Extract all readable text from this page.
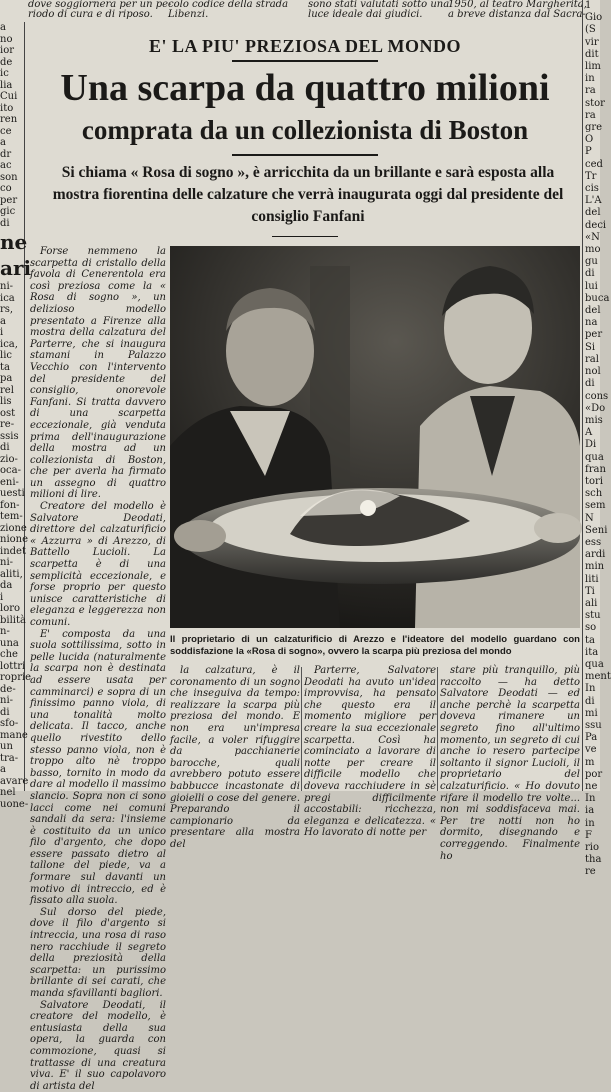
dove soggiornera per un pe-
riodo di cura e di riposo.
colo codice della strada
Libenzi.
sono stati valutati sotto una
luce ideale dai giudici.
1950, al teatro Margherita,
a breve distanza dal Sacra-
a
no
ior
de
ic
lia
Cui
ito
ren
ce
a
dr
ac
son
co
per
gic
di
ne
ari
ni-
ica
rs,
a
i
ica,
lic
ta
pa
rel
lis
ost
re-
ssis
di
zio-
oca-
eni-
uesti
fon-
tem-
zione
nione
indet
ni-
aliti,
da
i
loro
bilità
n-
una
che
lottri
roprie
de-
ni-
di
sfo-
mane
un
tra-
a
avare
nel
uone-
1
Gio
(S
vir
dit
lim
in
ra
stor
ra
gre
O
P
ced
Tr
cis
L'A
del
deci
«N
mo
gu
di
lui
buca
del
na
per
Si
ral
nol
di
cons
«Do
mis
A
Di
qua
fran
tori
sch
sem
N
Seni
ess
ardi
min
liti
Ti
ali
stu
so
ta
ita
qua
ment
In
di
mi
ssu
Pa
ve
m
por
ne
In
ia
in
F
rio
tha
re
E' LA PIU' PREZIOSA DEL MONDO
Una scarpa da quattro milioni
comprata da un collezionista di Boston
Si chiama « Rosa di sogno », è arricchita da un brillante e sarà esposta alla mostra fiorentina delle calzature che verrà inaugurata oggi dal presidente del consiglio Fanfani

Forse nemmeno la scarpetta di cristallo della favola di Cenerentola era così preziosa come la « Rosa di sogno », un delizioso modello presentato a Firenze alla mostra della calzatura del Parterre, che si inaugura stamani in Palazzo Vecchio con l'intervento del presidente del consiglio, onorevole Fanfani. Si tratta davvero di una scarpetta eccezionale, già venduta prima dell'inaugurazione della mostra ad un collezionista di Boston, che per averla ha firmato un assegno di quattro milioni di lire.

Creatore del modello è Salvatore Deodati, direttore del calzaturificio « Azzurra » di Arezzo, di Battello Lucioli. La scarpetta è di una semplicità eccezionale, e forse proprio per questo unisce caratteristiche di eleganza e leggerezza non comuni.

E' composta da una suola sottilissima, sotto in pelle lucida (naturalmente la scarpa non è destinata ad essere usata per camminarci) e sopra di un finissimo panno viola, di una tonalità molto delicata. Il tacco, anche quello rivestito dello stesso panno viola, non è troppo alto nè troppo basso, tornito in modo da dare al modello il massimo slancio. Sopra non ci sono lacci come nei comuni sandali da sera: l'insieme è costituito da un unico filo d'argento, che dopo essere passato dietro al tallone del piede, va a formare sul davanti un motivo di intreccio, ed è fissato alla suola.

Sul dorso del piede, dove il filo d'argento si intreccia, una rosa di raso nero racchiude il segreto della preziosità della scarpetta: un purissimo brillante di sei carati, che manda sfavillanti bagliori.

Salvatore Deodati, il creatore del modello, è entusiasta della sua opera, la guarda con commozione, quasi si trattasse di una creatura viva. E' il suo capolavoro di artista del

Il proprietario di un calzaturificio di Arezzo e l'ideatore del modello guardano con soddisfazione la «Rosa di sogno», ovvero la scarpa più preziosa del mondo

la calzatura, è il coronamento di un sogno che inseguiva da tempo: realizzare la scarpa più preziosa del mondo. E non era un'impresa facile, a voler rifuggire da pacchianerie barocche, quali avrebbero potuto essere babbucce incastonate di gioielli o cose del genere. Preparando il campionario da presentare alla mostra del

Parterre, Salvatore Deodati ha avuto un'idea improvvisa, ha pensato che questo era il momento migliore per creare la sua eccezionale scarpetta. Così ha cominciato a lavorare di notte per creare il difficile modello che doveva racchiudere in sè pregi difficilmente accostabili: ricchezza, eleganza e delicatezza. « Ho lavorato di notte per

stare più tranquillo, più raccolto — ha detto Salvatore Deodati — ed anche perchè la scarpetta doveva rimanere un segreto fino all'ultimo momento, un segreto di cui anche io resero partecipe soltanto il signor Lucioli, il proprietario del calzaturificio. « Ho dovuto rifare il modello tre volte... non mi soddisfaceva mai. Per tre notti non ho dormito, disegnando e correggendo. Finalmente ho
